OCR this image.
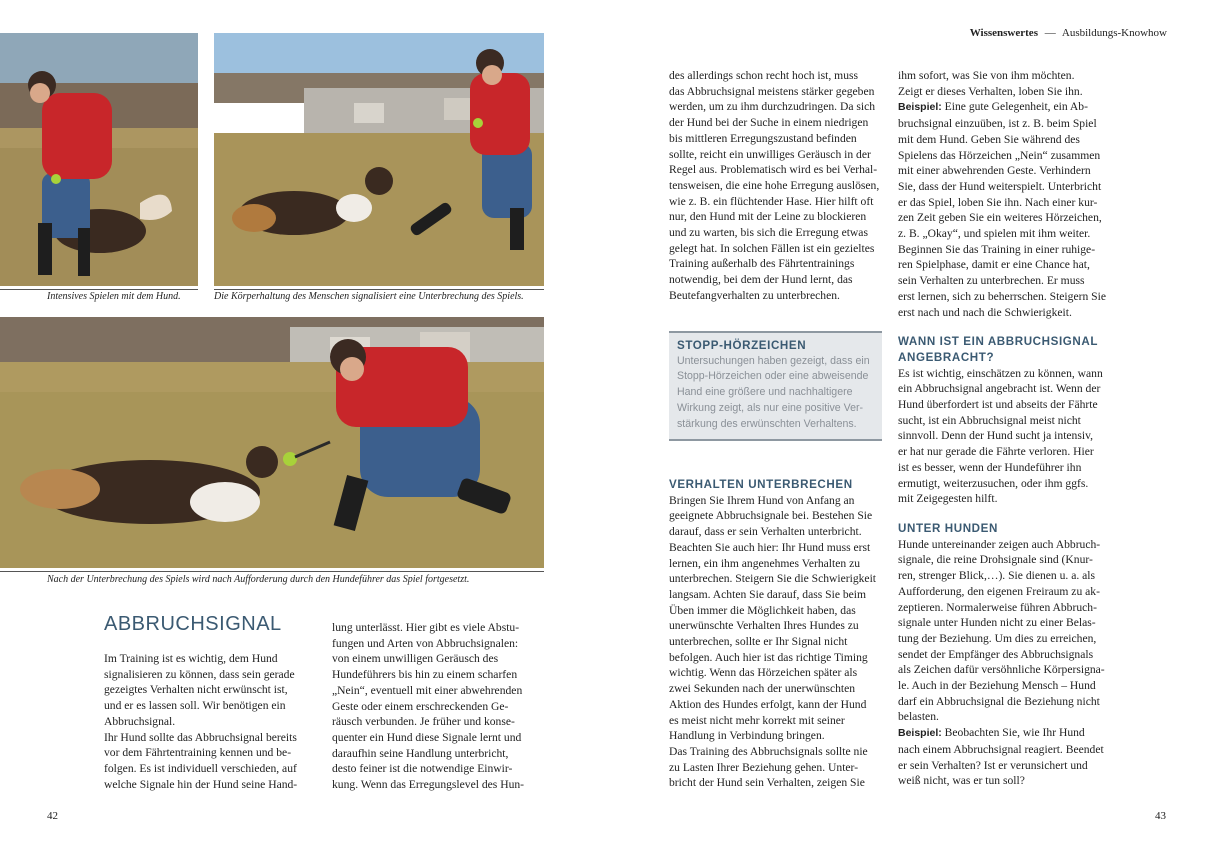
Intensives Spielen mit dem Hund.	Die Körperhaltung des Menschen signalisiert eine Unterbrechung des Spiels.
Nach der Unterbrechung des Spiels wird nach Aufforderung durch den Hundeführer das Spiel fortgesetzt.
ABBRUCHSIGNAL

Im Training ist es wichtig, dem Hund

signalisieren zu können, dass sein gerade

gezeigtes Verhalten nicht erwünscht ist,

und er es lassen soll. Wir benötigen ein

Abbruchsignal.

Ihr Hund sollte das Abbruchsignal bereits

vor dem Fährtentraining kennen und be-

folgen. Es ist individuell verschieden, auf

welche Signale hin der Hund seine Hand-

lung unterlässt. Hier gibt es viele Abstu-

fungen und Arten von Abbruchsignalen:

von einem unwilligen Geräusch des

Hundeführers bis hin zu einem scharfen

„Nein“, eventuell mit einer abwehrenden

Geste oder einem erschreckenden Ge-

räusch verbunden. Je früher und konse-

quenter ein Hund diese Signale lernt und

daraufhin seine Handlung unterbricht,

desto feiner ist die notwendige Einwir-

kung. Wenn das Erregungslevel des Hun-

42
Wissenswertes — Ausbildungs-Knowhow

des allerdings schon recht hoch ist, muss

das Abbruchsignal meistens stärker gegeben

werden, um zu ihm durchzudringen. Da sich

der Hund bei der Suche in einem niedrigen

bis mittleren Erregungszustand befinden

sollte, reicht ein unwilliges Geräusch in der

Regel aus. Problematisch wird es bei Verhal-

tensweisen, die eine hohe Erregung auslösen,

wie z. B. ein flüchtender Hase. Hier hilft oft

nur, den Hund mit der Leine zu blockieren

und zu warten, bis sich die Erregung etwas

gelegt hat. In solchen Fällen ist ein gezieltes

Training außerhalb des Fährtentrainings

notwendig, bei dem der Hund lernt, das

Beutefangverhalten zu unterbrechen.

STOPP-HÖRZEICHEN
Untersuchungen haben gezeigt, dass ein
Stopp-Hörzeichen oder eine abweisende
Hand eine größere und nachhaltigere
Wirkung zeigt, als nur eine positive Ver-
stärkung des erwünschten Verhaltens.
VERHALTEN UNTERBRECHEN

Bringen Sie Ihrem Hund von Anfang an

geeignete Abbruchsignale bei. Bestehen Sie

darauf, dass er sein Verhalten unterbricht.

Beachten Sie auch hier: Ihr Hund muss erst

lernen, ein ihm angenehmes Verhalten zu

unterbrechen. Steigern Sie die Schwierigkeit

langsam. Achten Sie darauf, dass Sie beim

Üben immer die Möglichkeit haben, das

unerwünschte Verhalten Ihres Hundes zu

unterbrechen, sollte er Ihr Signal nicht

befolgen. Auch hier ist das richtige Timing

wichtig. Wenn das Hörzeichen später als

zwei Sekunden nach der unerwünschten

Aktion des Hundes erfolgt, kann der Hund

es meist nicht mehr korrekt mit seiner

Handlung in Verbindung bringen.

Das Training des Abbruchsignals sollte nie

zu Lasten Ihrer Beziehung gehen. Unter-

bricht der Hund sein Verhalten, zeigen Sie

ihm sofort, was Sie von ihm möchten.

Zeigt er dieses Verhalten, loben Sie ihn.

Beispiel: Eine gute Gelegenheit, ein Ab-

bruchsignal einzuüben, ist z. B. beim Spiel

mit dem Hund. Geben Sie während des

Spielens das Hörzeichen „Nein“ zusammen

mit einer abwehrenden Geste. Verhindern

Sie, dass der Hund weiterspielt. Unterbricht

er das Spiel, loben Sie ihn. Nach einer kur-

zen Zeit geben Sie ein weiteres Hörzeichen,

z. B. „Okay“, und spielen mit ihm weiter.

Beginnen Sie das Training in einer ruhige-

ren Spielphase, damit er eine Chance hat,

sein Verhalten zu unterbrechen. Er muss

erst lernen, sich zu beherrschen. Steigern Sie

erst nach und nach die Schwierigkeit.

WANN IST EIN ABBRUCHSIGNAL
ANGEBRACHT?

Es ist wichtig, einschätzen zu können, wann

ein Abbruchsignal angebracht ist. Wenn der

Hund überfordert ist und abseits der Fährte

sucht, ist ein Abbruchsignal meist nicht

sinnvoll. Denn der Hund sucht ja intensiv,

er hat nur gerade die Fährte verloren. Hier

ist es besser, wenn der Hundeführer ihn

ermutigt, weiterzusuchen, oder ihm ggfs.

mit Zeigegesten hilft.

UNTER HUNDEN

Hunde untereinander zeigen auch Abbruch-

signale, die reine Drohsignale sind (Knur-

ren, strenger Blick,…). Sie dienen u. a. als

Aufforderung, den eigenen Freiraum zu ak-

zeptieren. Normalerweise führen Abbruch-

signale unter Hunden nicht zu einer Belas-

tung der Beziehung. Um dies zu erreichen,

sendet der Empfänger des Abbruchsignals

als Zeichen dafür versöhnliche Körpersigna-

le. Auch in der Beziehung Mensch – Hund

darf ein Abbruchsignal die Beziehung nicht

belasten.

Beispiel: Beobachten Sie, wie Ihr Hund

nach einem Abbruchsignal reagiert. Beendet

er sein Verhalten? Ist er verunsichert und

weiß nicht, was er tun soll?

43
